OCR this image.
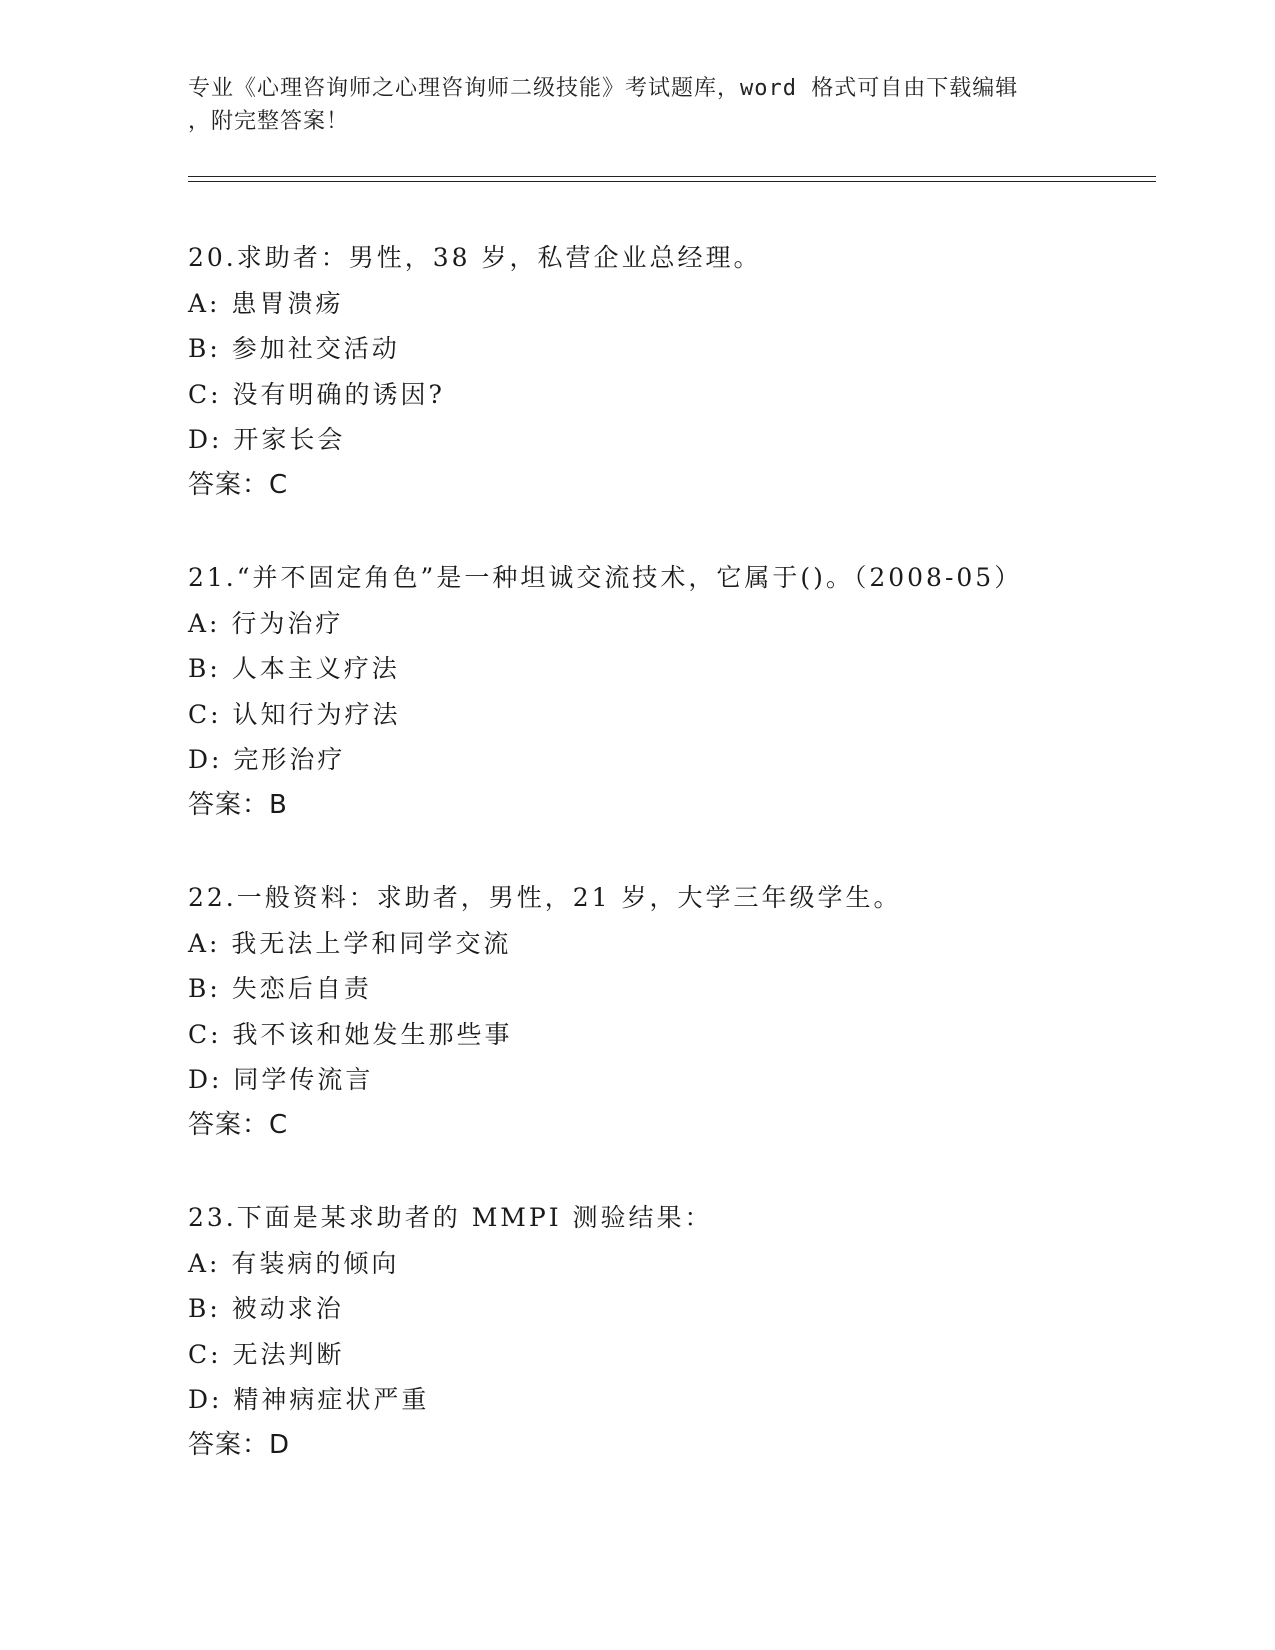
专业《心理咨询师之心理咨询师二级技能》考试题库，word 格式可自由下载编辑
，附完整答案！
20.求助者：男性，38 岁，私营企业总经理。
A: 患胃溃疡
B: 参加社交活动
C: 没有明确的诱因?
D: 开家长会
答案：C
21.“并不固定角色”是一种坦诚交流技术，它属于()。（2008-05）
A: 行为治疗
B: 人本主义疗法
C: 认知行为疗法
D: 完形治疗
答案：B
22.一般资料：求助者，男性，21 岁，大学三年级学生。
A: 我无法上学和同学交流
B: 失恋后自责
C: 我不该和她发生那些事
D: 同学传流言
答案：C
23.下面是某求助者的 MMPI 测验结果：
A: 有装病的倾向
B: 被动求治
C: 无法判断
D: 精神病症状严重
答案：D
